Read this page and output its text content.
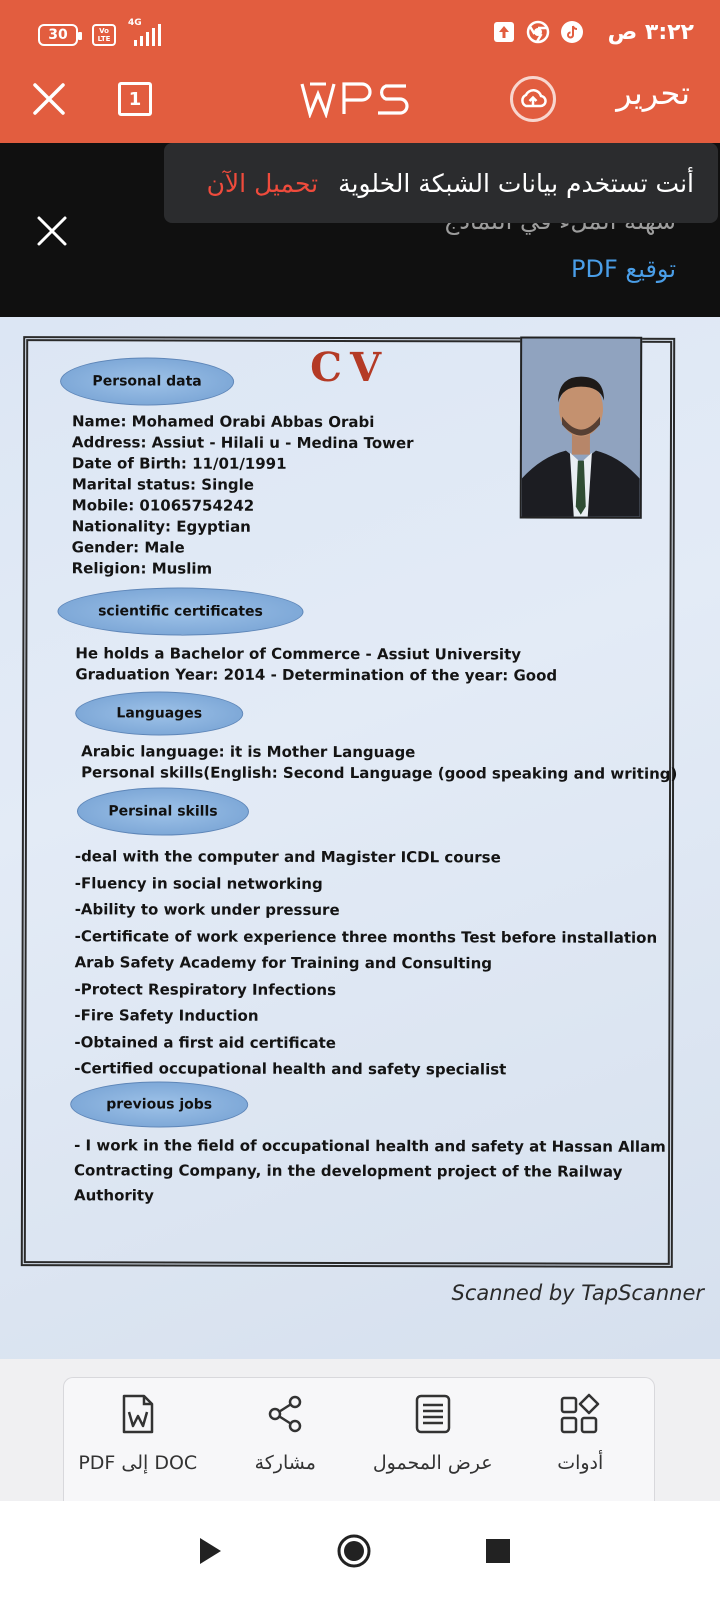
30	Vo LTE
4G	٣:٢٢ ص
1	تحرير
توقيع PDF
أنت تستخدم بيانات الشبكة الخلوية
تحميل الآن
Personal data	CV
Name: Mohamed Orabi Abbas Orabi
Address: Assiut - Hilali u - Medina Tower
Date of Birth: 11/01/1991
Marital status: Single
Mobile: 01065754242
Nationality: Egyptian
Gender: Male
Religion: Muslim
scientific certificates
He holds a Bachelor of Commerce - Assiut University
Graduation Year: 2014 - Determination of the year: Good
Languages
Arabic language: it is Mother Language
Personal skills(English: Second Language (good speaking and writing)
Persinal skills
-deal with the computer and Magister ICDL course
-Fluency in social networking
-Ability to work under pressure
-Certificate of work experience three months Test before installation
Arab Safety Academy for Training and Consulting
-Protect Respiratory Infections
-Fire Safety Induction
-Obtained a first aid certificate
-Certified occupational health and safety specialist
previous jobs
- I work in the field of occupational health and safety at Hassan Allam
Contracting Company, in the development project of the Railway
Authority
Scanned by TapScanner
DOC إلى PDF	مشاركة	عرض المحمول	أدوات
